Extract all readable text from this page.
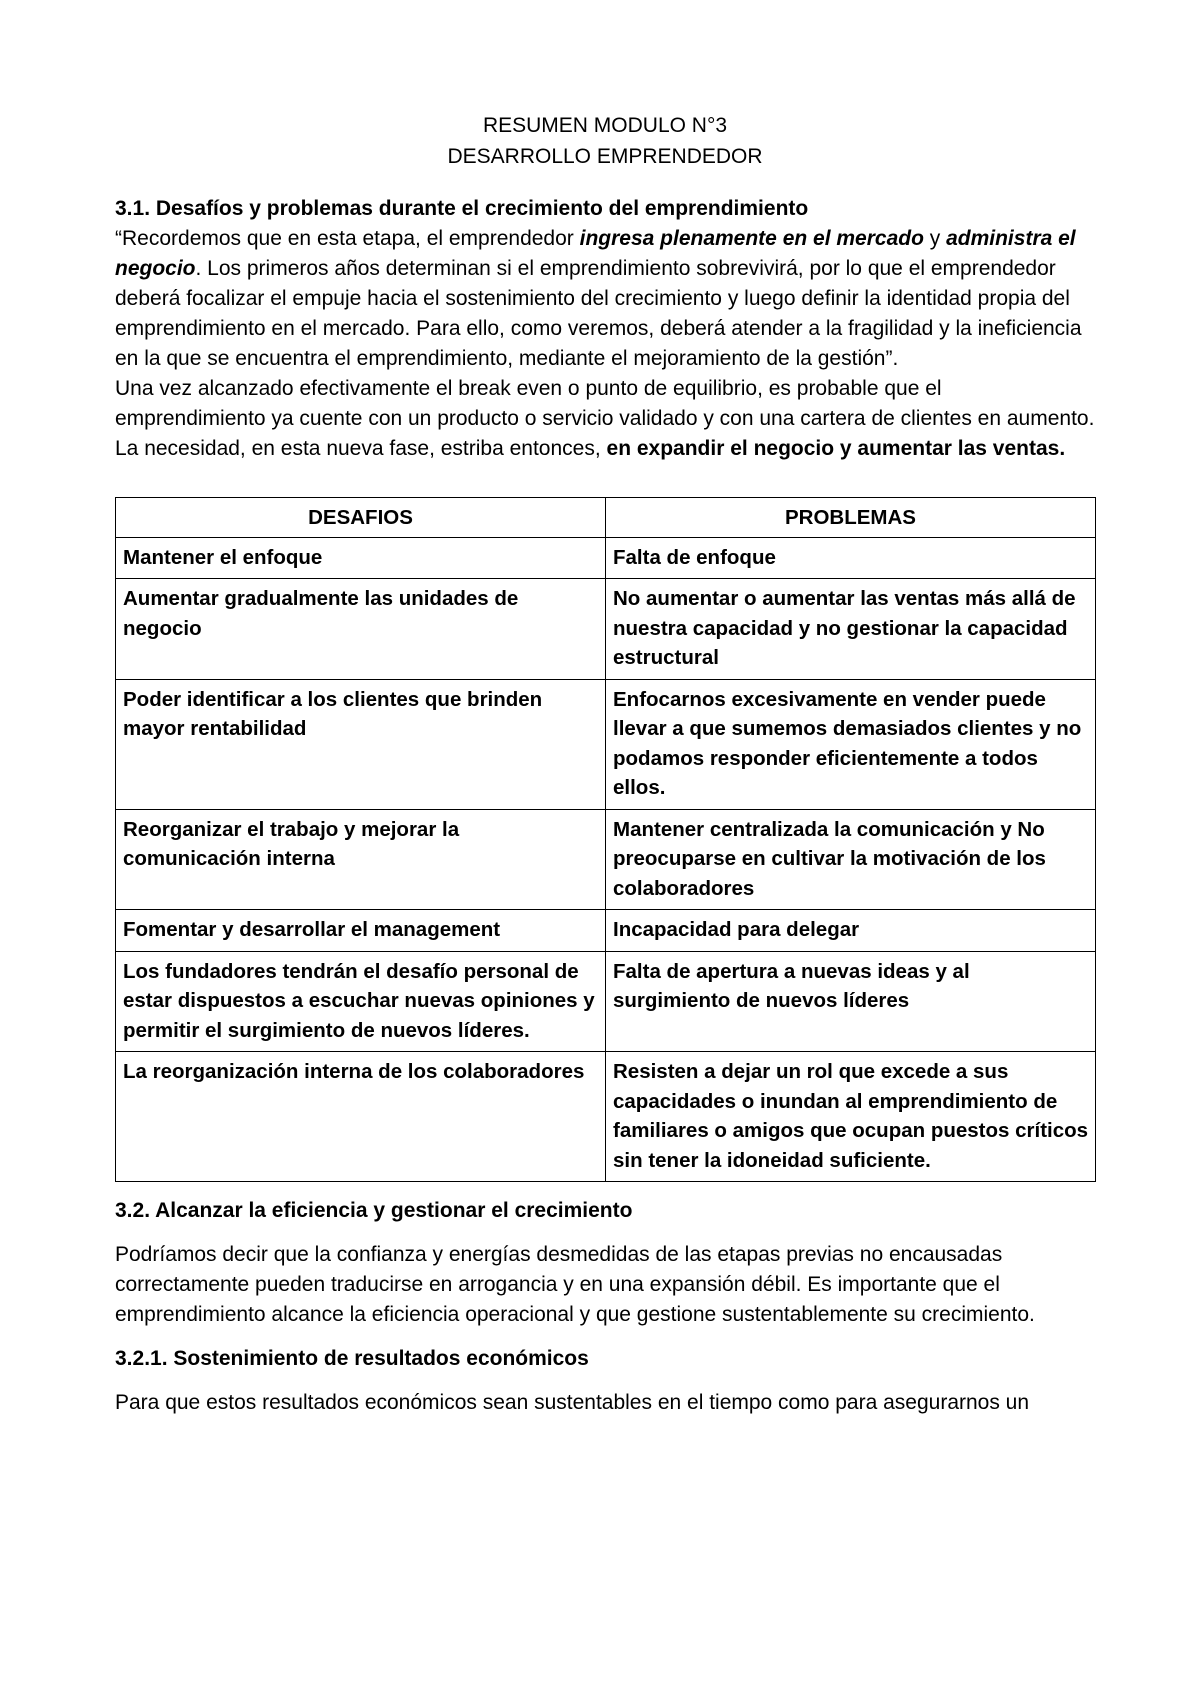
RESUMEN MODULO N°3
DESARROLLO EMPRENDEDOR
3.1. Desafíos y problemas durante el crecimiento del emprendimiento

“Recordemos que en esta etapa, el emprendedor ingresa plenamente en el mercado y administra el negocio. Los primeros años determinan si el emprendimiento sobrevivirá, por lo que el emprendedor deberá focalizar el empuje hacia el sostenimiento del crecimiento y luego definir la identidad propia del emprendimiento en el mercado. Para ello, como veremos, deberá atender a la fragilidad y la ineficiencia en la que se encuentra el emprendimiento, mediante el mejoramiento de la gestión”.

Una vez alcanzado efectivamente el break even o punto de equilibrio, es probable que el emprendimiento ya cuente con un producto o servicio validado y con una cartera de clientes en aumento. La necesidad, en esta nueva fase, estriba entonces, en expandir el negocio y aumentar las ventas.

DESAFIOS	PROBLEMAS
Mantener el enfoque	Falta de enfoque
Aumentar gradualmente las unidades de negocio	No aumentar o aumentar las ventas más allá de nuestra capacidad y no gestionar la capacidad estructural
Poder identificar a los clientes que brinden mayor rentabilidad	Enfocarnos excesivamente en vender puede llevar a que sumemos demasiados clientes y no podamos responder eficientemente a todos ellos.
Reorganizar el trabajo y mejorar la comunicación interna	Mantener centralizada la comunicación y No preocuparse en cultivar la motivación de los colaboradores
Fomentar y desarrollar el management	Incapacidad para delegar
Los fundadores tendrán el desafío personal de estar dispuestos a escuchar nuevas opiniones y permitir el surgimiento de nuevos líderes.	Falta de apertura a nuevas ideas y al surgimiento de nuevos líderes
La reorganización interna de los colaboradores	Resisten a dejar un rol que excede a sus capacidades o inundan al emprendimiento de familiares o amigos que ocupan puestos críticos sin tener la idoneidad suficiente.
3.2. Alcanzar la eficiencia y gestionar el crecimiento

Podríamos decir que la confianza y energías desmedidas de las etapas previas no encausadas correctamente pueden traducirse en arrogancia y en una expansión débil. Es importante que el emprendimiento alcance la eficiencia operacional y que gestione sustentablemente su crecimiento.

3.2.1. Sostenimiento de resultados económicos

Para que estos resultados económicos sean sustentables en el tiempo como para asegurarnos un
